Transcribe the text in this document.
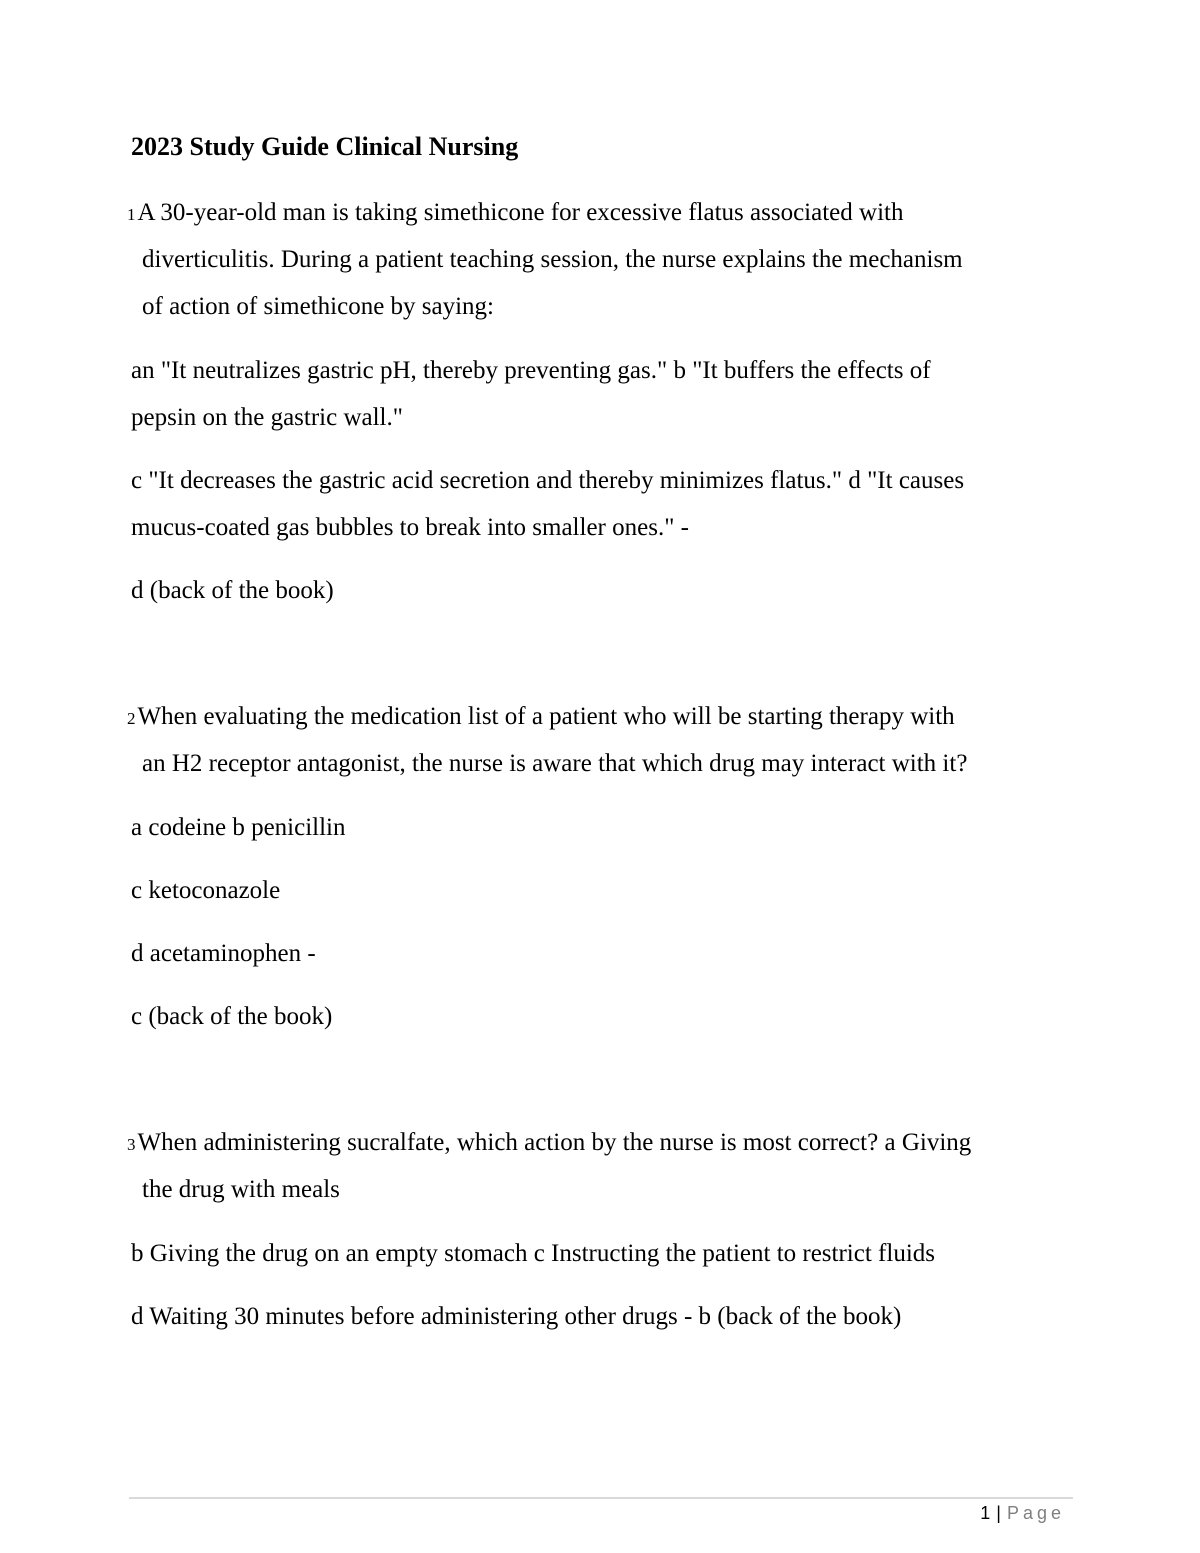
2023 Study Guide Clinical Nursing
1A 30-year-old man is taking simethicone for excessive flatus associated with
diverticulitis. During a patient teaching session, the nurse explains the mechanism
of action of simethicone by saying:
an "It neutralizes gastric pH, thereby preventing gas." b "It buffers the effects of
pepsin on the gastric wall."
c "It decreases the gastric acid secretion and thereby minimizes flatus." d "It causes
mucus-coated gas bubbles to break into smaller ones." -
d (back of the book)
2When evaluating the medication list of a patient who will be starting therapy with
an H2 receptor antagonist, the nurse is aware that which drug may interact with it?
a codeine b penicillin
c ketoconazole
d acetaminophen -
c (back of the book)
3When administering sucralfate, which action by the nurse is most correct? a Giving
the drug with meals
b Giving the drug on an empty stomach c Instructing the patient to restrict fluids
d Waiting 30 minutes before administering other drugs - b (back of the book)
1 | Page
